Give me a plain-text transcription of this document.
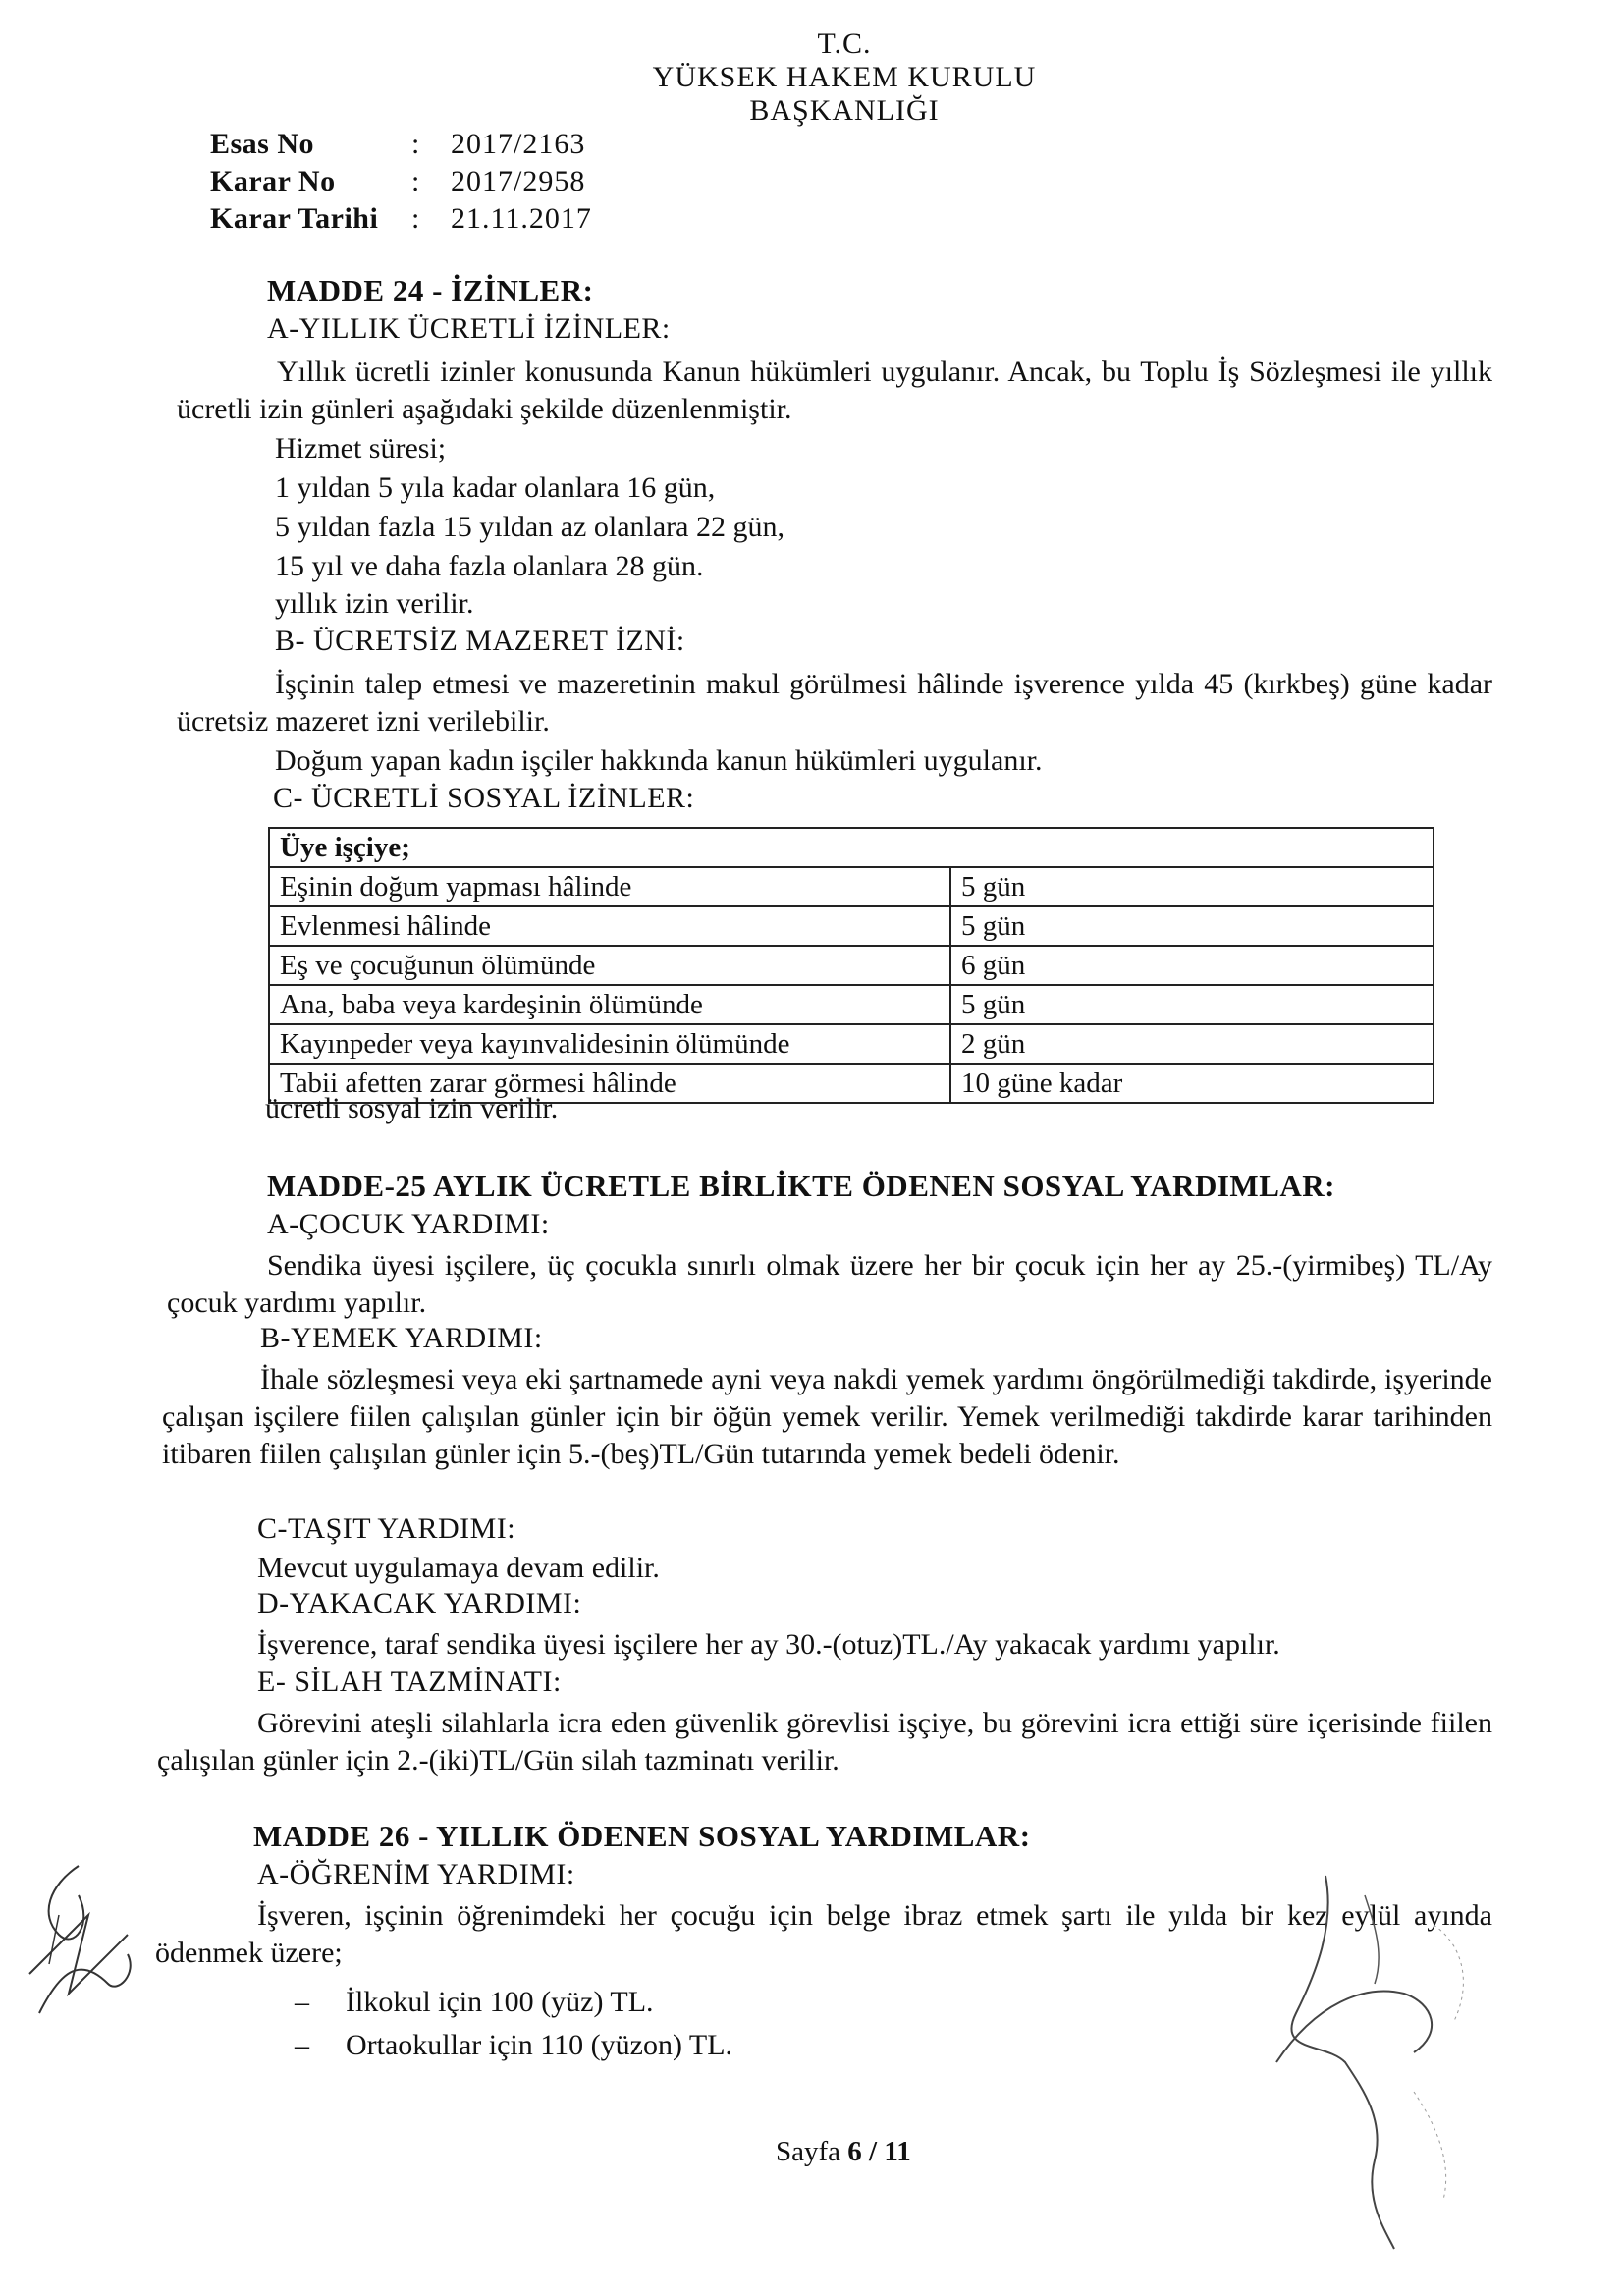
T.C.
YÜKSEK HAKEM KURULU
BAŞKANLIĞI
Esas No	:	2017/2163
Karar No	:	2017/2958
Karar Tarihi	:	21.11.2017
MADDE 24 - İZİNLER:
A-YILLIK ÜCRETLİ İZİNLER:
Yıllık ücretli izinler konusunda Kanun hükümleri uygulanır. Ancak, bu Toplu İş Sözleşmesi ile yıllık ücretli izin günleri aşağıdaki şekilde düzenlenmiştir.
Hizmet süresi;
1 yıldan 5 yıla kadar olanlara 16 gün,
5 yıldan fazla 15 yıldan az olanlara 22 gün,
15 yıl ve daha fazla olanlara 28 gün.
yıllık izin verilir.
B- ÜCRETSİZ MAZERET İZNİ:
İşçinin talep etmesi ve mazeretinin makul görülmesi hâlinde işverence yılda 45 (kırkbeş) güne kadar ücretsiz mazeret izni verilebilir.
Doğum yapan kadın işçiler hakkında kanun hükümleri uygulanır.
C- ÜCRETLİ SOSYAL İZİNLER:
Üye işçiye;	
Eşinin doğum yapması hâlinde	5 gün
Evlenmesi hâlinde	5 gün
Eş ve çocuğunun ölümünde	6 gün
Ana, baba veya kardeşinin ölümünde	5 gün
Kayınpeder veya kayınvalidesinin ölümünde	2 gün
Tabii afetten zarar görmesi hâlinde	10 güne kadar
ücretli sosyal izin verilir.
MADDE-25 AYLIK ÜCRETLE BİRLİKTE ÖDENEN SOSYAL YARDIMLAR:
A-ÇOCUK YARDIMI:
Sendika üyesi işçilere, üç çocukla sınırlı olmak üzere her bir çocuk için her ay 25.-(yirmibeş) TL/Ay çocuk yardımı yapılır.
B-YEMEK YARDIMI:
İhale sözleşmesi veya eki şartnamede ayni veya nakdi yemek yardımı öngörülmediği takdirde, işyerinde çalışan işçilere fiilen çalışılan günler için bir öğün yemek verilir. Yemek verilmediği takdirde karar tarihinden itibaren fiilen çalışılan günler için 5.-(beş)TL/Gün tutarında yemek bedeli ödenir.
C-TAŞIT YARDIMI:
Mevcut uygulamaya devam edilir.
D-YAKACAK YARDIMI:
İşverence, taraf sendika üyesi işçilere her ay 30.-(otuz)TL./Ay yakacak yardımı yapılır.
E- SİLAH TAZMİNATI:
Görevini ateşli silahlarla icra eden güvenlik görevlisi işçiye, bu görevini icra ettiği süre içerisinde fiilen çalışılan günler için 2.-(iki)TL/Gün silah tazminatı verilir.
MADDE 26 - YILLIK ÖDENEN SOSYAL YARDIMLAR:
A-ÖĞRENİM YARDIMI:
İşveren, işçinin öğrenimdeki her çocuğu için belge ibraz etmek şartı ile yılda bir kez eylül ayında ödenmek üzere;
– İlkokul için 100 (yüz) TL.
– Ortaokullar için 110 (yüzon) TL.
Sayfa 6 / 11
